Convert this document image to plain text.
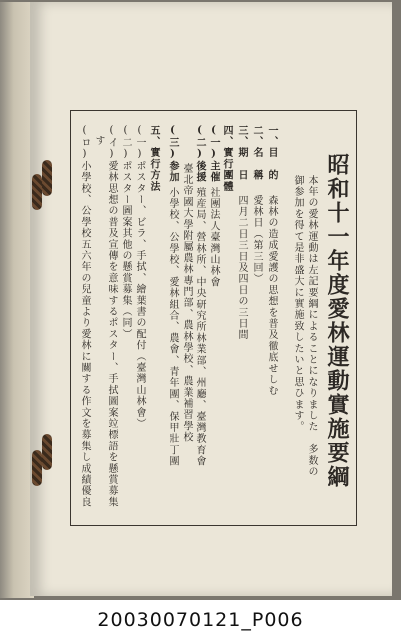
昭和十一年度愛林運動實施要綱
本年の愛林運動は左記要綱によることになりました　多数の
御参加を得て是非盛大に實施致したいと思ひます。
一、目　的森林の造成愛護の思想を普及徹底せしむ
二、名　稱愛林日（第三回）
三、期　日四月二日三日及四日の三日間
四、實行團體
(一)主催社團法人臺灣山林會
(二)後援殖産局、營林所、中央研究所林業部、州廳、臺灣教育會
臺北帝國大學附屬農林專門部、農林學校、農業補習學校
(三)参加小學校、公學校、愛林組合、農會、青年團、保甲壯丁團
五、實行方法
(一)ポスター、ビラ、手拭、繪葉書の配付（臺灣山林會）
(二)ポスター圖案其他の懸賞募集（同）
(イ)愛林思想の普及宣傳を意味するポスター、手拭圖案竝標語を懸賞募集
す
(ロ)小學校、公學校五六年の兒童より愛林に關する作文を募集し成績優良
20030070121_P006
